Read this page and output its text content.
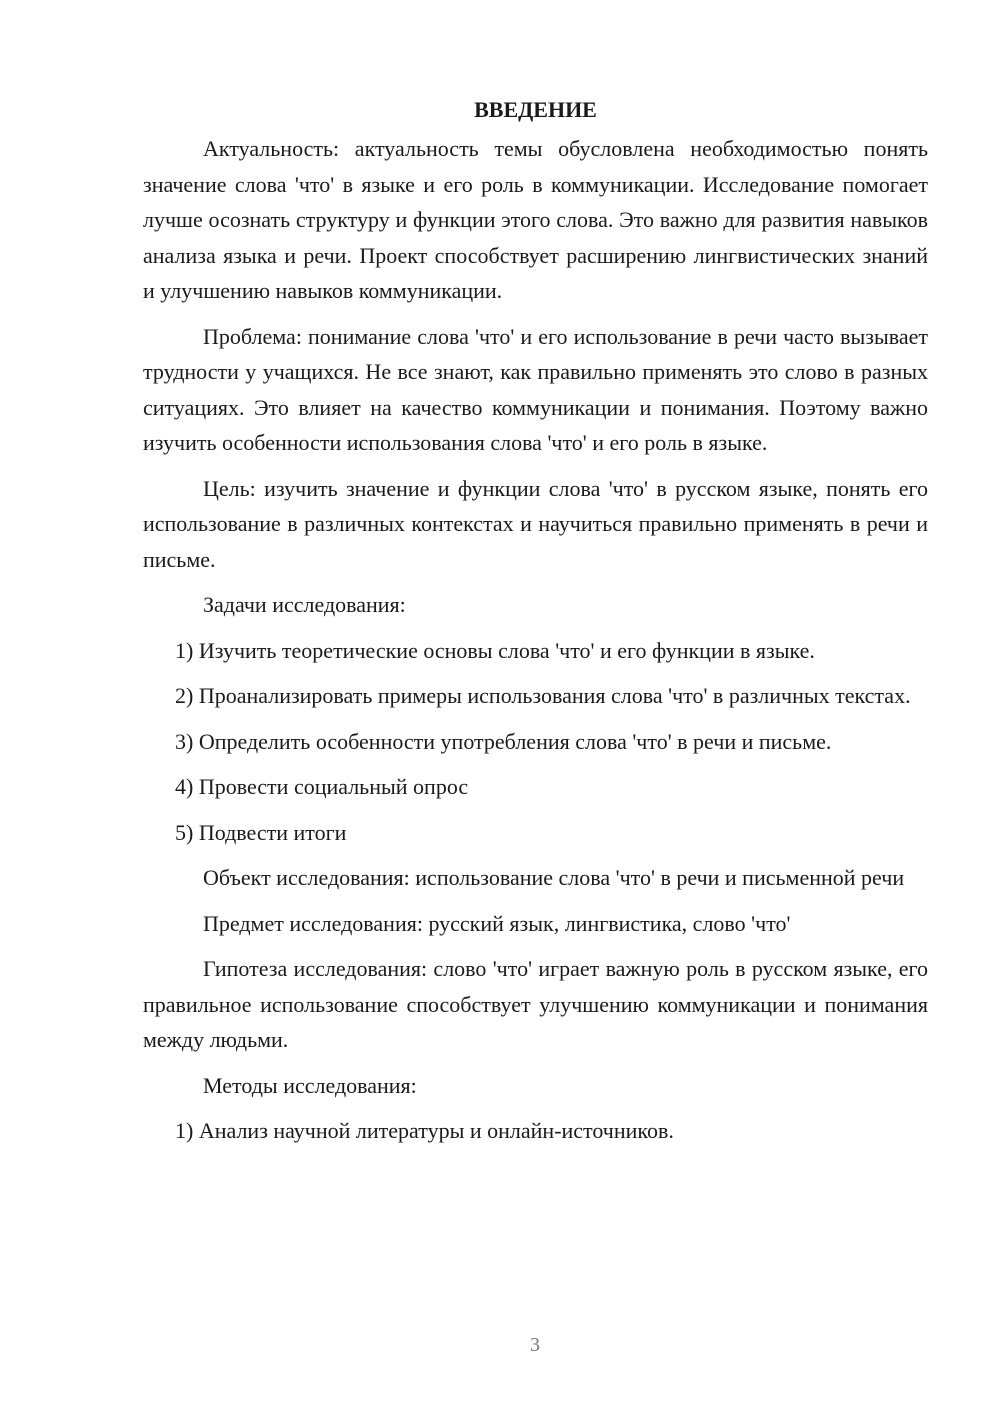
ВВЕДЕНИЕ

Актуальность: актуальность темы обусловлена необходимостью понять значение слова 'что' в языке и его роль в коммуникации. Исследование помогает лучше осознать структуру и функции этого слова. Это важно для развития навыков анализа языка и речи. Проект способствует расширению лингвистических знаний и улучшению навыков коммуникации.

Проблема: понимание слова 'что' и его использование в речи часто вызывает трудности у учащихся. Не все знают, как правильно применять это слово в разных ситуациях. Это влияет на качество коммуникации и понимания. Поэтому важно изучить особенности использования слова 'что' и его роль в языке.

Цель: изучить значение и функции слова 'что' в русском языке, понять его использование в различных контекстах и научиться правильно применять в речи и письме.

Задачи исследования:

1) Изучить теоретические основы слова 'что' и его функции в языке.

2) Проанализировать примеры использования слова 'что' в различных текстах.

3) Определить особенности употребления слова 'что' в речи и письме.

4) Провести социальный опрос

5) Подвести итоги

Объект исследования: использование слова 'что' в речи и письменной речи

Предмет исследования: русский язык, лингвистика, слово 'что'

Гипотеза исследования: слово 'что' играет важную роль в русском языке, его правильное использование способствует улучшению коммуникации и понимания между людьми.

Методы исследования:

1) Анализ научной литературы и онлайн-источников.

3
